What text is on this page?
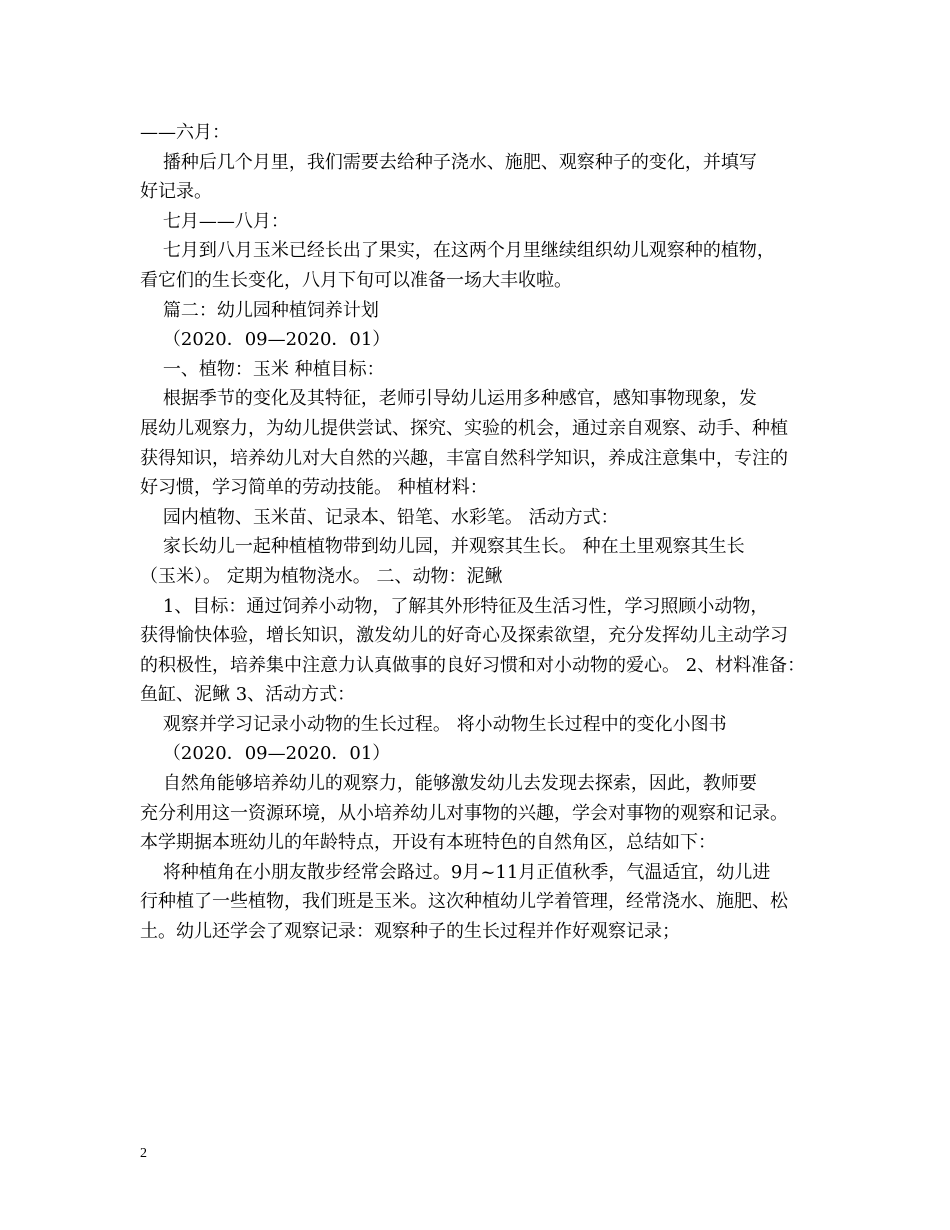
——六月：
播种后几个月里，我们需要去给种子浇水、施肥、观察种子的变化，并填写
好记录。
七月——八月：
七月到八月玉米已经长出了果实，在这两个月里继续组织幼儿观察种的植物，
看它们的生长变化，八月下旬可以准备一场大丰收啦。
篇二：幼儿园种植饲养计划
（2020．09—2020．01）
一、植物：玉米 种植目标：
根据季节的变化及其特征，老师引导幼儿运用多种感官，感知事物现象，发
展幼儿观察力，为幼儿提供尝试、探究、实验的机会，通过亲自观察、动手、种植
获得知识，培养幼儿对大自然的兴趣，丰富自然科学知识，养成注意集中，专注的
好习惯，学习简单的劳动技能。 种植材料：
园内植物、玉米苗、记录本、铅笔、水彩笔。 活动方式：
家长幼儿一起种植植物带到幼儿园，并观察其生长。 种在土里观察其生长
（玉米）。 定期为植物浇水。 二、动物：泥鳅
1、目标：通过饲养小动物，了解其外形特征及生活习性，学习照顾小动物，
获得愉快体验，增长知识，激发幼儿的好奇心及探索欲望，充分发挥幼儿主动学习
的积极性，培养集中注意力认真做事的良好习惯和对小动物的爱心。 2、材料准备：
鱼缸、泥鳅 3、活动方式：
观察并学习记录小动物的生长过程。 将小动物生长过程中的变化小图书
（2020．09—2020．01）
自然角能够培养幼儿的观察力，能够激发幼儿去发现去探索，因此，教师要
充分利用这一资源环境，从小培养幼儿对事物的兴趣，学会对事物的观察和记录。
本学期据本班幼儿的年龄特点，开设有本班特色的自然角区，总结如下：
将种植角在小朋友散步经常会路过。9月~11月正值秋季，气温适宜，幼儿进
行种植了一些植物，我们班是玉米。这次种植幼儿学着管理，经常浇水、施肥、松
土。幼儿还学会了观察记录：观察种子的生长过程并作好观察记录；
2
